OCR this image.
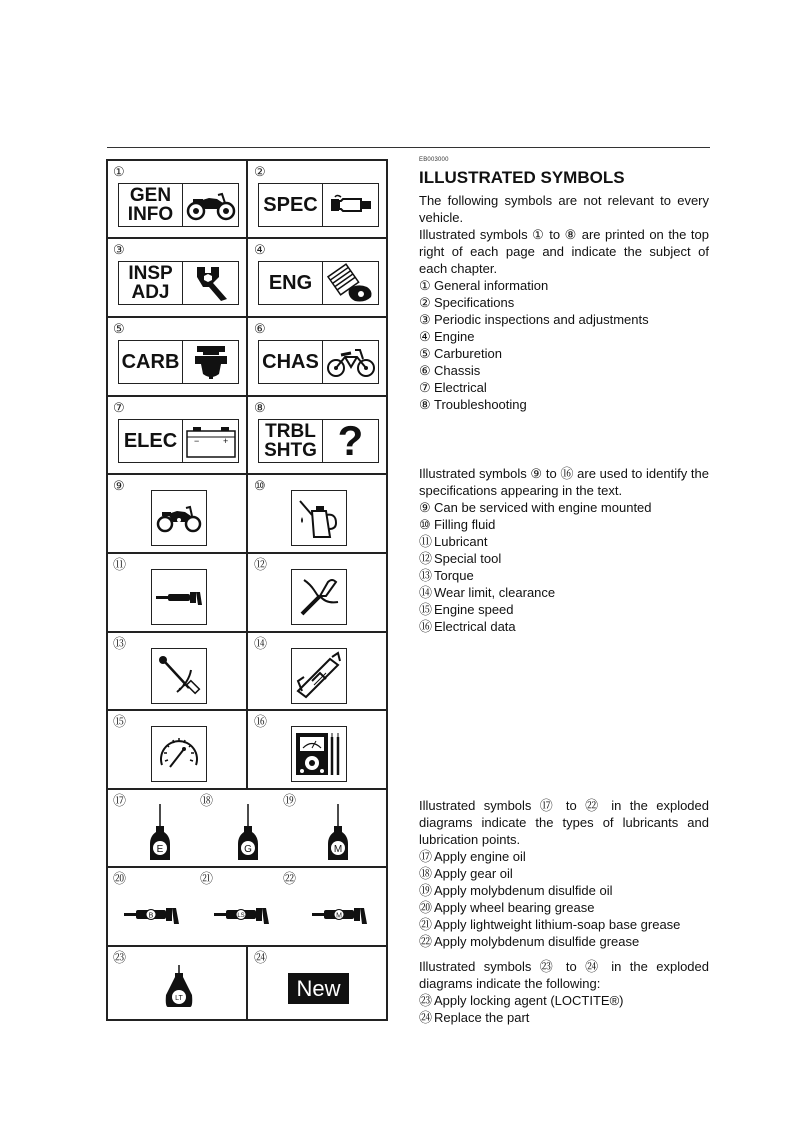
①
GEN
INFO
②
SPEC
③
INSP
ADJ
④
ENG
⑤
CARB
⑥
CHAS
⑦
ELEC	−	+
⑧
TRBL
SHTG ?
⑨	⑩
⑪	⑫
⑬	⑭
⑮	⑯
⑰	⑱	⑲
E	G	M
⑳	㉑	㉒
B	LS	M
㉓
LT
㉔
New
EB003000
ILLUSTRATED SYMBOLS

The following symbols are not relevant to every vehicle.

Illustrated symbols ① to ⑧ are printed on the top right of each page and indicate the subject of each chapter.

① General information
② Specifications
③ Periodic inspections and adjustments
④ Engine
⑤ Carburetion
⑥ Chassis
⑦ Electrical
⑧ Troubleshooting

Illustrated symbols ⑨ to ⑯ are used to identify the specifications appearing in the text.

⑨ Can be serviced with engine mounted
⑩ Filling fluid
⑪ Lubricant
⑫ Special tool
⑬ Torque
⑭ Wear limit, clearance
⑮ Engine speed
⑯ Electrical data

Illustrated symbols ⑰ to ㉒ in the exploded diagrams indicate the types of lubricants and lubrication points.

⑰ Apply engine oil
⑱ Apply gear oil
⑲ Apply molybdenum disulfide oil
⑳ Apply wheel bearing grease
㉑ Apply lightweight lithium-soap base grease
㉒ Apply molybdenum disulfide grease

Illustrated symbols ㉓ to ㉔ in the exploded diagrams indicate the following:

㉓ Apply locking agent (LOCTITE®)
㉔ Replace the part
